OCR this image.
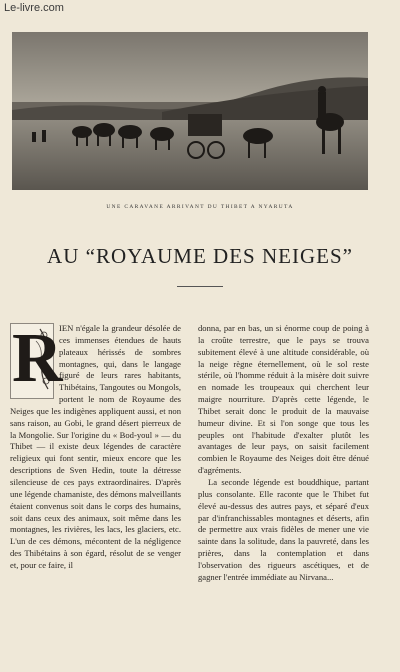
Le-livre.com
UNE CARAVANE ARRIVANT DU THIBET A NYARUTA
AU “ROYAUME DES NEIGES”
R

IEN n'égale la grandeur désolée de ces immenses étendues de hauts plateaux hérissés de sombres montagnes, qui, dans le langage figuré de leurs rares habitants, Thibétains, Tangoutes ou Mongols, portent le nom de Royaume des Neiges que les indigènes appliquent aussi, et non sans raison, au Gobi, le grand désert pierreux de la Mongolie. Sur l'origine du « Bod-youl » — du Thibet — il existe deux légendes de caractère religieux qui font sentir, mieux encore que les descriptions de Sven Hedin, toute la détresse silencieuse de ces pays extraordinaires. D'après une légende chamaniste, des démons malveillants étaient convenus soit dans le corps des humains, soit dans ceux des animaux, soit même dans les montagnes, les rivières, les lacs, les glaciers, etc. L'un de ces démons, mécontent de la négligence des Thibétains à son égard, résolut de se venger et, pour ce faire, il

donna, par en bas, un si énorme coup de poing à la croûte terrestre, que le pays se trouva subitement élevé à une altitude considérable, où la neige règne éternellement, où le sol reste stérile, où l'homme réduit à la misère doit suivre en nomade les troupeaux qui cherchent leur maigre nourriture. D'après cette légende, le Thibet serait donc le produit de la mauvaise humeur divine. Et si l'on songe que tous les peuples ont l'habitude d'exalter plutôt les avantages de leur pays, on saisit facilement combien le Royaume des Neiges doit être dénué d'agréments.

La seconde légende est bouddhique, partant plus consolante. Elle raconte que le Thibet fut élevé au-dessus des autres pays, et séparé d'eux par d'infranchissables montagnes et déserts, afin de permettre aux vrais fidèles de mener une vie sainte dans la solitude, dans la pauvreté, dans les prières, dans la contemplation et dans l'observation des rigueurs ascétiques, et de gagner l'entrée immédiate au Nirvana...
